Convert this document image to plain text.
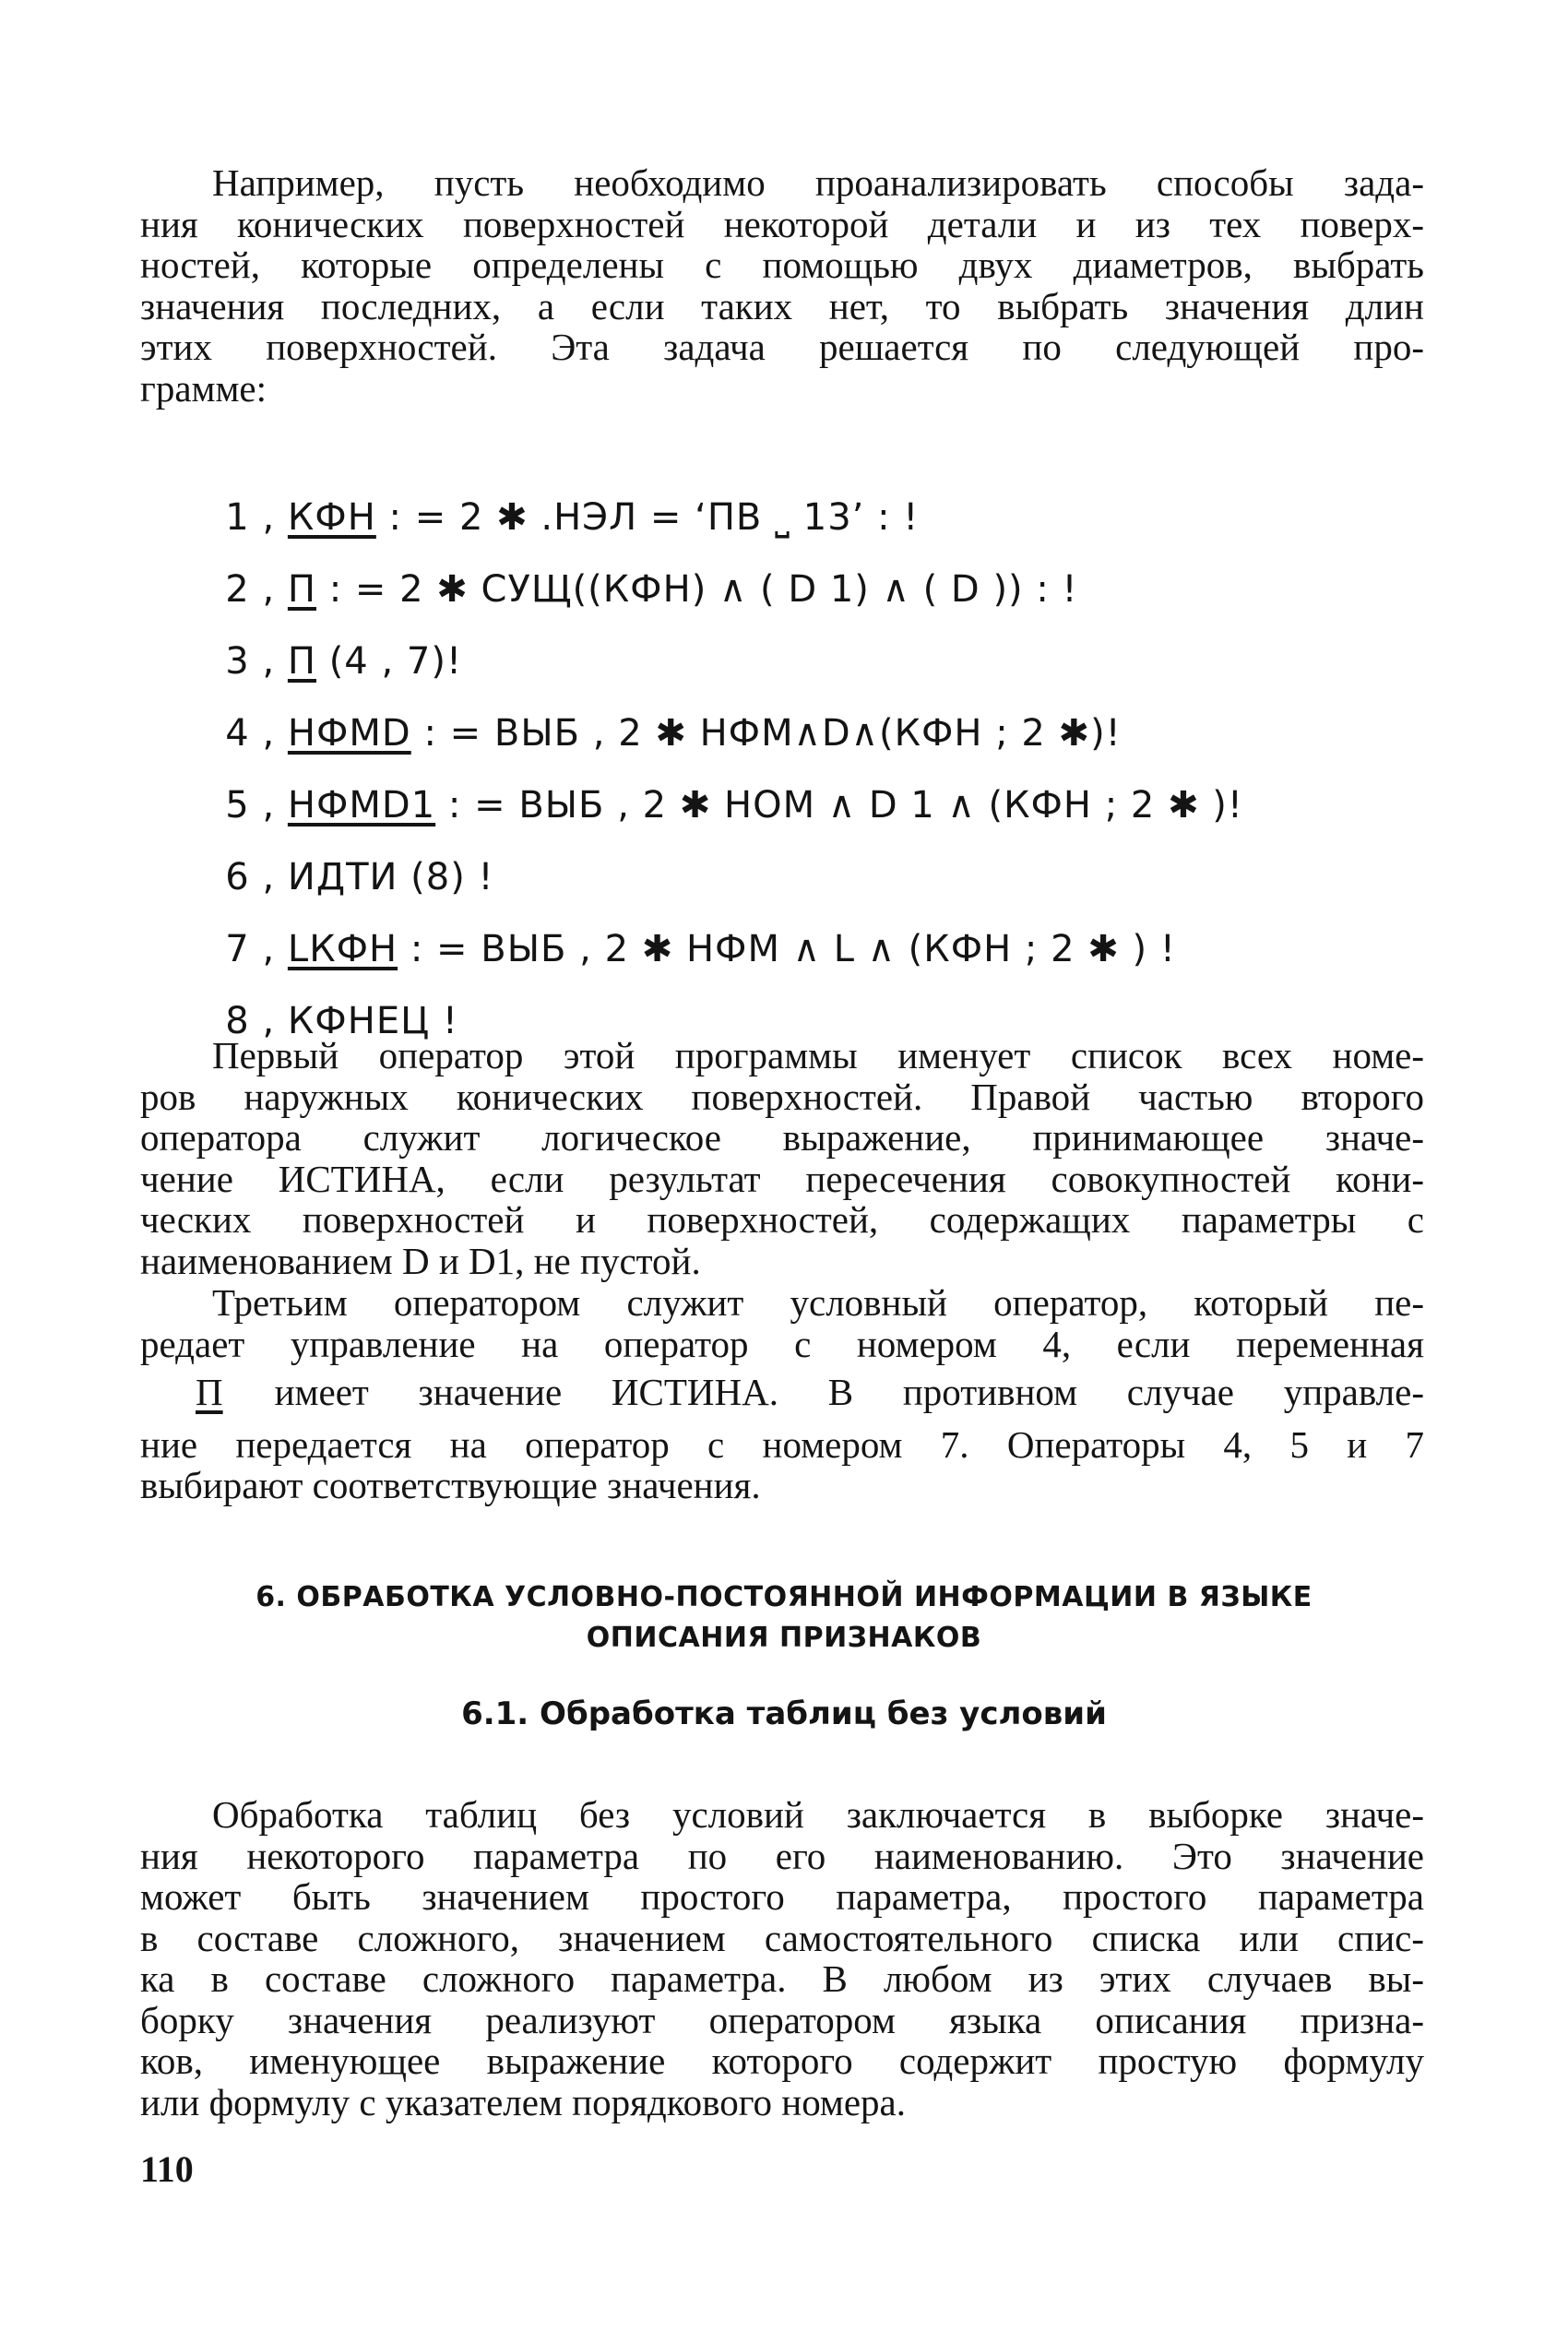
Например, пусть необходимо проанализировать способы зада-
ния конических поверхностей некоторой детали и из тех поверх-
ностей, которые определены с помощью двух диаметров, выбрать
значения последних, а если таких нет, то выбрать значения длин
этих поверхностей. Эта задача решается по следующей про-
грамме:

1 , КФН : = 2 ✱ .НЭЛ = ‘ПВ ⎵ 13’ : !

2 , П : = 2 ✱ СУЩ((КФН) ∧ ( D 1) ∧ ( D )) : !

3 , П (4 , 7)!

4 , НФМD : = ВЫБ , 2 ✱ НФМ∧D∧(КФН ; 2 ✱)!

5 , НФМD1 : = ВЫБ , 2 ✱ НОМ ∧ D 1 ∧ (КФН ; 2 ✱ )!

6 , ИДТИ (8) !

7 , LКФН : = ВЫБ , 2 ✱ НФМ ∧ L ∧ (КФН ; 2 ✱ ) !

8 , КФНЕЦ !

Первый оператор этой программы именует список всех номе-
ров наружных конических поверхностей. Правой частью второго
оператора служит логическое выражение, принимающее значе-
чение ИСТИНА, если результат пересечения совокупностей кони-
ческих поверхностей и поверхностей, содержащих параметры с
наименованием D и D1, не пустой.
Третьим оператором служит условный оператор, который пе-
редает управление на оператор с номером 4, если переменная
П имеет значение ИСТИНА. В противном случае управле-
ние передается на оператор с номером 7. Операторы 4, 5 и 7
выбирают соответствующие значения.
6. ОБРАБОТКА УСЛОВНО-ПОСТОЯННОЙ ИНФОРМАЦИИ В ЯЗЫКЕ
ОПИСАНИЯ ПРИЗНАКОВ
6.1. Обработка таблиц без условий
Обработка таблиц без условий заключается в выборке значе-
ния некоторого параметра по его наименованию. Это значение
может быть значением простого параметра, простого параметра
в составе сложного, значением самостоятельного списка или спис-
ка в составе сложного параметра. В любом из этих случаев вы-
борку значения реализуют оператором языка описания призна-
ков, именующее выражение которого содержит простую формулу
или формулу с указателем порядкового номера.
110
